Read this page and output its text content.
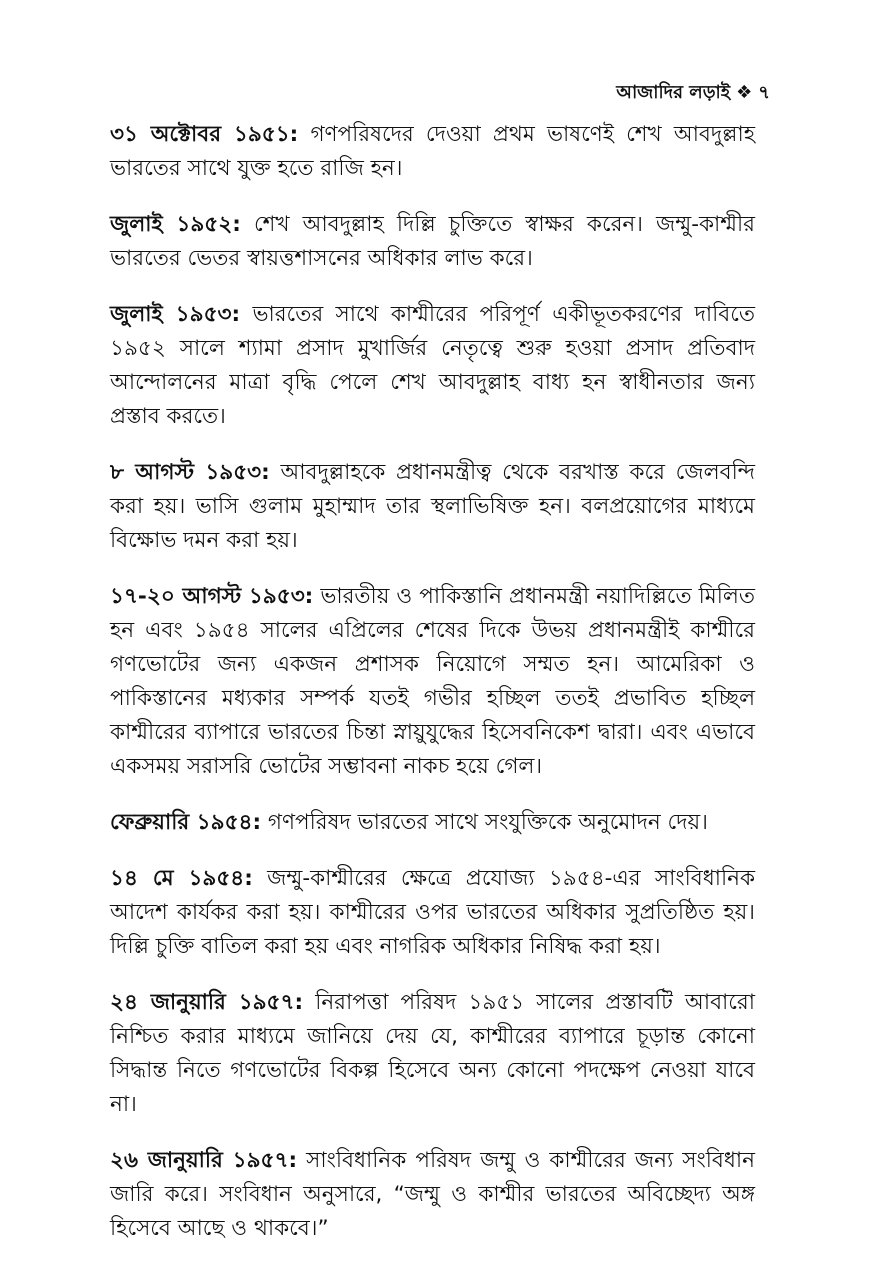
আজাদির লড়াই ❖ ৭

৩১ অক্টোবর ১৯৫১: গণপরিষদের দেওয়া প্রথম ভাষণেই শেখ আবদুল্লাহ ভারতের সাথে যুক্ত হতে রাজি হন।

জুলাই ১৯৫২: শেখ আবদুল্লাহ দিল্লি চুক্তিতে স্বাক্ষর করেন। জম্মু-কাশ্মীর ভারতের ভেতর স্বায়ত্তশাসনের অধিকার লাভ করে।

জুলাই ১৯৫৩: ভারতের সাথে কাশ্মীরের পরিপূর্ণ একীভূতকরণের দাবিতে ১৯৫২ সালে শ্যামা প্রসাদ মুখার্জির নেতৃত্বে শুরু হওয়া প্রসাদ প্রতিবাদ আন্দোলনের মাত্রা বৃদ্ধি পেলে শেখ আবদুল্লাহ বাধ্য হন স্বাধীনতার জন্য প্রস্তাব করতে।

৮ আগস্ট ১৯৫৩: আবদুল্লাহকে প্রধানমন্ত্রীত্ব থেকে বরখাস্ত করে জেলবন্দি করা হয়। ভাসি গুলাম মুহাম্মাদ তার স্থলাভিষিক্ত হন। বলপ্রয়োগের মাধ্যমে বিক্ষোভ দমন করা হয়।

১৭-২০ আগস্ট ১৯৫৩: ভারতীয় ও পাকিস্তানি প্রধানমন্ত্রী নয়াদিল্লিতে মিলিত হন এবং ১৯৫৪ সালের এপ্রিলের শেষের দিকে উভয় প্রধানমন্ত্রীই কাশ্মীরে গণভোটের জন্য একজন প্রশাসক নিয়োগে সম্মত হন। আমেরিকা ও পাকিস্তানের মধ্যকার সম্পর্ক যতই গভীর হচ্ছিল ততই প্রভাবিত হচ্ছিল কাশ্মীরের ব্যাপারে ভারতের চিন্তা স্নায়ুযুদ্ধের হিসেবনিকেশ দ্বারা। এবং এভাবে একসময় সরাসরি ভোটের সম্ভাবনা নাকচ হয়ে গেল।

ফেব্রুয়ারি ১৯৫৪: গণপরিষদ ভারতের সাথে সংযুক্তিকে অনুমোদন দেয়।

১৪ মে ১৯৫৪: জম্মু-কাশ্মীরের ক্ষেত্রে প্রযোজ্য ১৯৫৪-এর সাংবিধানিক আদেশ কার্যকর করা হয়। কাশ্মীরের ওপর ভারতের অধিকার সুপ্রতিষ্ঠিত হয়। দিল্লি চুক্তি বাতিল করা হয় এবং নাগরিক অধিকার নিষিদ্ধ করা হয়।

২৪ জানুয়ারি ১৯৫৭: নিরাপত্তা পরিষদ ১৯৫১ সালের প্রস্তাবটি আবারো নিশ্চিত করার মাধ্যমে জানিয়ে দেয় যে, কাশ্মীরের ব্যাপারে চূড়ান্ত কোনো সিদ্ধান্ত নিতে গণভোটের বিকল্প হিসেবে অন্য কোনো পদক্ষেপ নেওয়া যাবে না।

২৬ জানুয়ারি ১৯৫৭: সাংবিধানিক পরিষদ জম্মু ও কাশ্মীরের জন্য সংবিধান জারি করে। সংবিধান অনুসারে, “জম্মু ও কাশ্মীর ভারতের অবিচ্ছেদ্য অঙ্গ হিসেবে আছে ও থাকবে।”
